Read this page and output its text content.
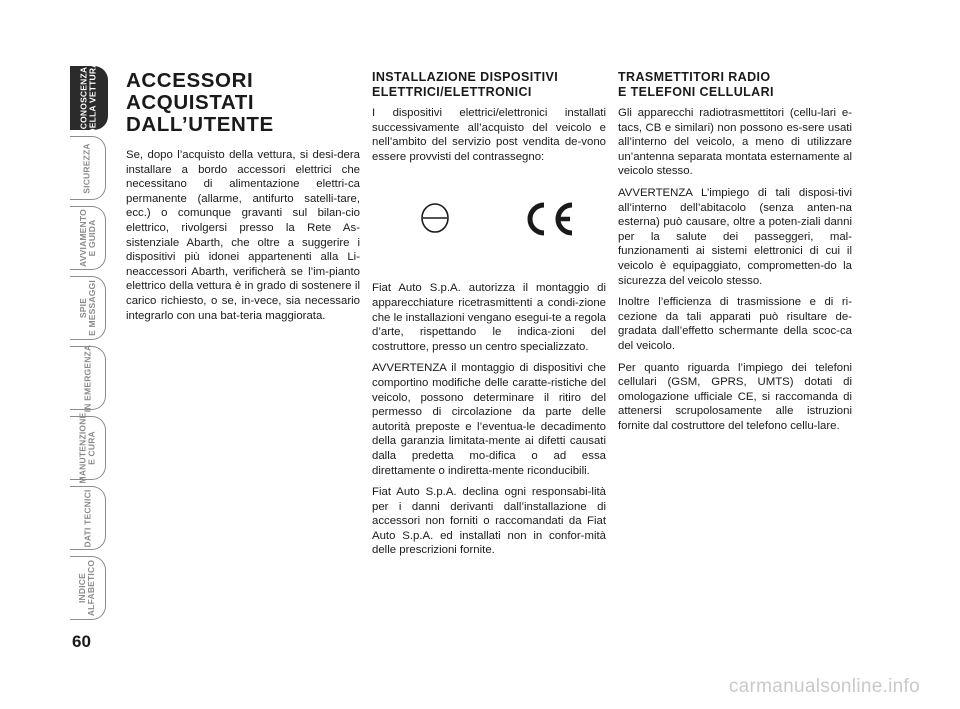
CONOSCENZA
DELLA VETTURA
SICUREZZA
AVVIAMENTO
E GUIDA
SPIE
E MESSAGGI
IN EMERGENZA
MANUTENZIONE
E CURA
DATI TECNICI
INDICE
ALFABETICO
60
ACCESSORI
ACQUISTATI
DALL’UTENTE

Se, dopo l’acquisto della vettura, si desi-dera installare a bordo accessori elettrici che necessitano di alimentazione elettri-ca permanente (allarme, antifurto satelli-tare, ecc.) o comunque gravanti sul bilan-cio elettrico, rivolgersi presso la Rete As-sistenziale Abarth, che oltre a suggerire i dispositivi più idonei appartenenti alla Li-neaccessori Abarth, verificherà se l’im-pianto elettrico della vettura è in grado di sostenere il carico richiesto, o se, in-vece, sia necessario integrarlo con una bat-teria maggiorata.

INSTALLAZIONE DISPOSITIVI
ELETTRICI/ELETTRONICI

I dispositivi elettrici/elettronici installati successivamente all’acquisto del veicolo e nell’ambito del servizio post vendita de-vono essere provvisti del contrassegno:

CE

Fiat Auto S.p.A. autorizza il montaggio di apparecchiature ricetrasmittenti a condi-zione che le installazioni vengano esegui-te a regola d’arte, rispettando le indica-zioni del costruttore, presso un centro specializzato.

AVVERTENZA il montaggio di dispositivi che comportino modifiche delle caratte-ristiche del veicolo, possono determinare il ritiro del permesso di circolazione da parte delle autorità preposte e l’eventua-le decadimento della garanzia limitata-mente ai difetti causati dalla predetta mo-difica o ad essa direttamente o indiretta-mente riconducibili.

Fiat Auto S.p.A. declina ogni responsabi-lità per i danni derivanti dall’installazione di accessori non forniti o raccomandati da Fiat Auto S.p.A. ed installati non in confor-mità delle prescrizioni fornite.

TRASMETTITORI RADIO
E TELEFONI CELLULARI

Gli apparecchi radiotrasmettitori (cellu-lari e-tacs, CB e similari) non possono es-sere usati all’interno del veicolo, a meno di utilizzare un’antenna separata montata esternamente al veicolo stesso.

AVVERTENZA L’impiego di tali disposi-tivi all’interno dell’abitacolo (senza anten-na esterna) può causare, oltre a poten-ziali danni per la salute dei passeggeri, mal-funzionamenti ai sistemi elettronici di cui il veicolo è equipaggiato, comprometten-do la sicurezza del veicolo stesso.

Inoltre l’efficienza di trasmissione e di ri-cezione da tali apparati può risultare de-gradata dall’effetto schermante della scoc-ca del veicolo.

Per quanto riguarda l’impiego dei telefoni cellulari (GSM, GPRS, UMTS) dotati di omologazione ufficiale CE, si raccomanda di attenersi scrupolosamente alle istruzioni fornite dal costruttore del telefono cellu-lare.

carmanualsonline.info
